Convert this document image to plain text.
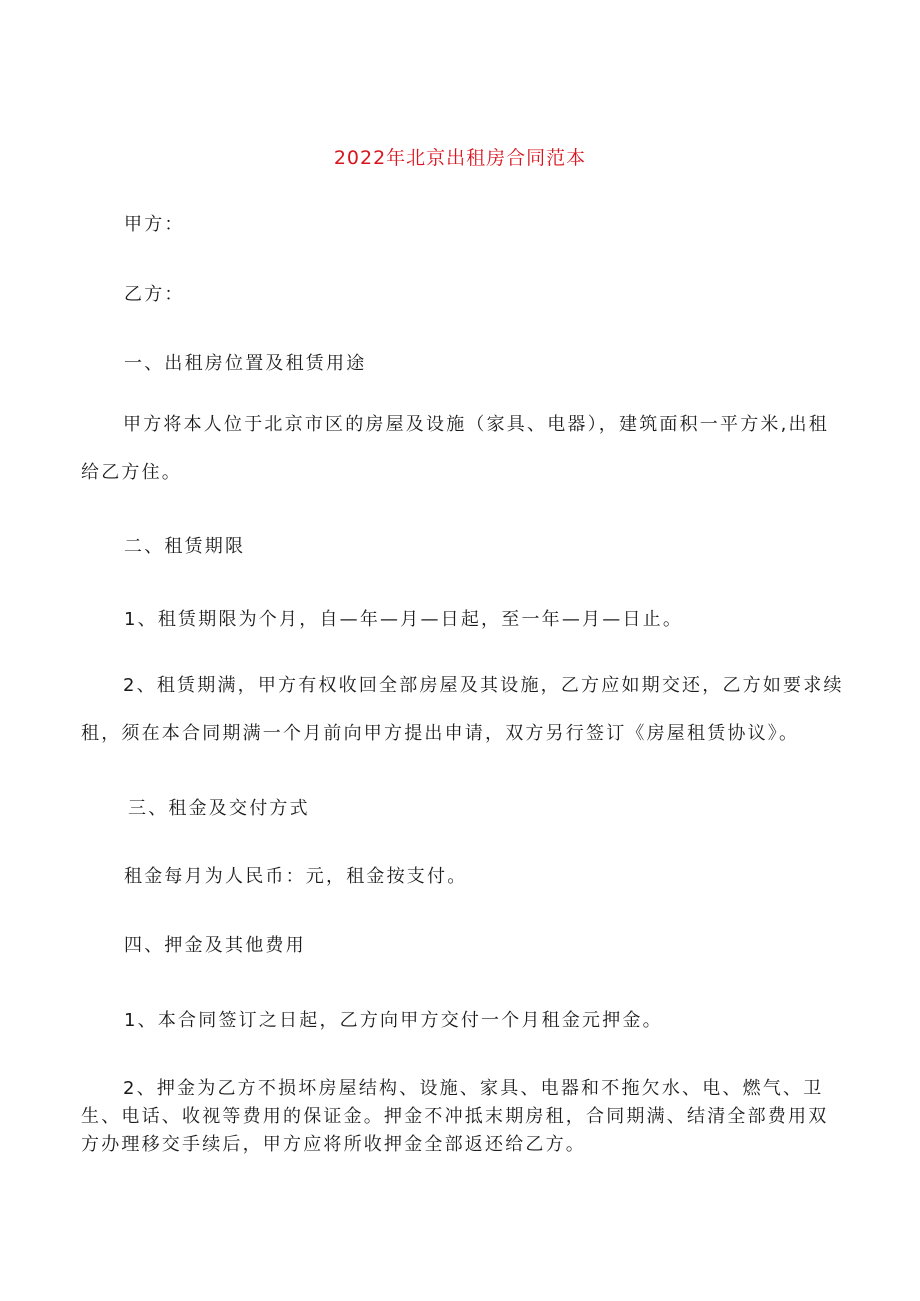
2022年北京出租房合同范本
甲方：
乙方：
一、出租房位置及租赁用途
甲方将本人位于北京市区的房屋及设施（家具、电器），建筑面积一平方米,出租给乙方住。
二、租赁期限
1、租赁期限为个月，自—年—月—日起，至一年—月—日止。
2、租赁期满，甲方有权收回全部房屋及其设施，乙方应如期交还，乙方如要求续租，须在本合同期满一个月前向甲方提出申请，双方另行签订《房屋租赁协议》。
三、租金及交付方式
租金每月为人民币：元，租金按支付。
四、押金及其他费用
1、本合同签订之日起，乙方向甲方交付一个月租金元押金。
2、押金为乙方不损坏房屋结构、设施、家具、电器和不拖欠水、电、燃气、卫生、电话、收视等费用的保证金。押金不冲抵末期房租，合同期满、结清全部费用双方办理移交手续后，甲方应将所收押金全部返还给乙方。
